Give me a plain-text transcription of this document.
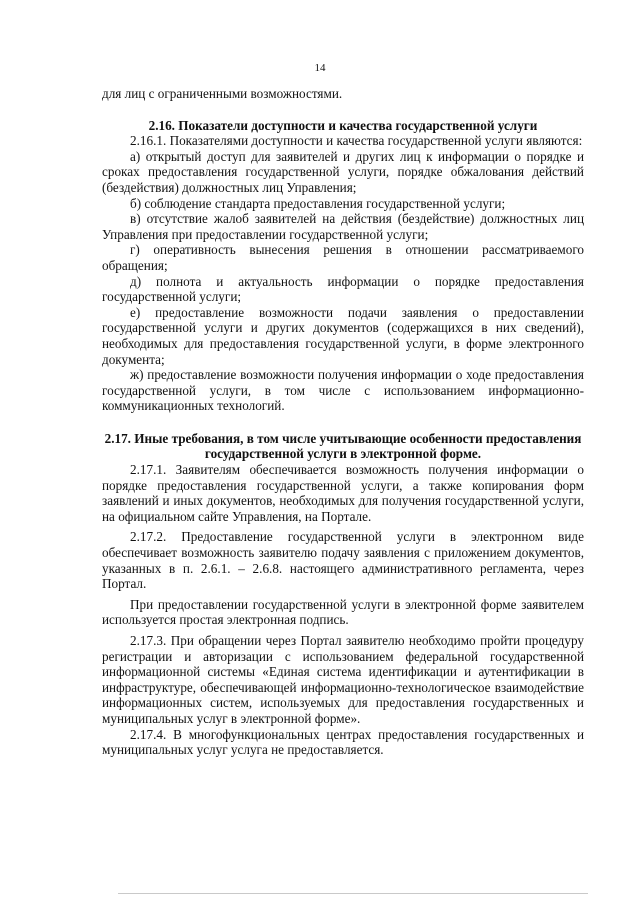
14

для лиц с ограниченными возможностями.

2.16. Показатели доступности и качества государственной услуги

2.16.1. Показателями доступности и качества государственной услуги являются:

а) открытый доступ для заявителей и других лиц к информации о порядке и сроках предоставления государственной услуги, порядке обжалования действий (бездействия) должностных лиц Управления;

б) соблюдение стандарта предоставления государственной услуги;

в) отсутствие жалоб заявителей на действия (бездействие) должностных лиц Управления при предоставлении государственной услуги;

г) оперативность вынесения решения в отношении рассматриваемого обращения;

д) полнота и актуальность информации о порядке предоставления государственной услуги;

е) предоставление возможности подачи заявления о предоставлении государственной услуги и других документов (содержащихся в них сведений), необходимых для предоставления государственной услуги, в форме электронного документа;

ж) предоставление возможности получения информации о ходе предоставления государственной услуги, в том числе с использованием информационно-коммуникационных технологий.

2.17. Иные требования, в том числе учитывающие особенности предоставления государственной услуги в электронной форме.

2.17.1. Заявителям обеспечивается возможность получения информации о порядке предоставления государственной услуги, а также копирования форм заявлений и иных документов, необходимых для получения государственной услуги, на официальном сайте Управления, на Портале.

2.17.2. Предоставление государственной услуги в электронном виде обеспечивает возможность заявителю подачу заявления с приложением документов, указанных в п. 2.6.1. – 2.6.8. настоящего административного регламента, через Портал.

При предоставлении государственной услуги в электронной форме заявителем используется простая электронная подпись.

2.17.3. При обращении через Портал заявителю необходимо пройти процедуру регистрации и авторизации с использованием федеральной государственной информационной системы «Единая система идентификации и аутентификации в инфраструктуре, обеспечивающей информационно-технологическое взаимодействие информационных систем, используемых для предоставления государственных и муниципальных услуг в электронной форме».

2.17.4. В многофункциональных центрах предоставления государственных и муниципальных услуг услуга не предоставляется.
